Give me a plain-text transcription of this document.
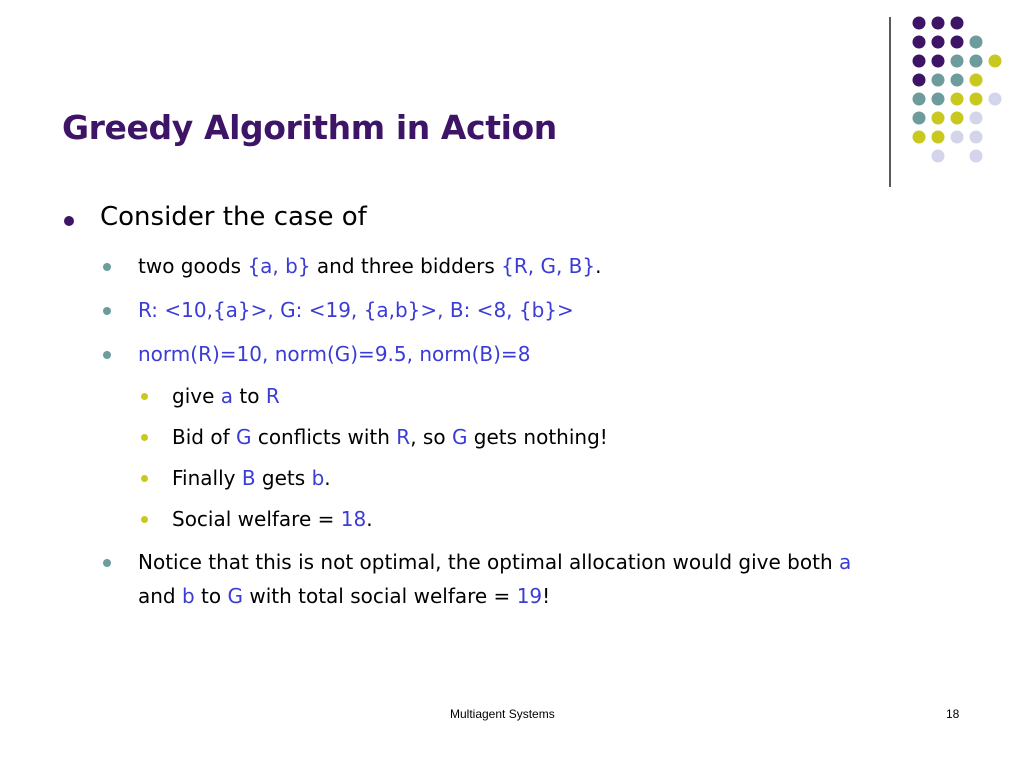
Greedy Algorithm in Action
Consider the case of
two goods {a, b} and three bidders {R, G, B}.
R: <10,{a}>, G: <19, {a,b}>, B: <8, {b}>
norm(R)=10, norm(G)=9.5, norm(B)=8
give a to R
Bid of G conflicts with R, so G gets nothing!
Finally B gets b.
Social welfare = 18.
Notice that this is not optimal, the optimal allocation would give both a
and b to G with total social welfare = 19!
Multiagent Systems	18
